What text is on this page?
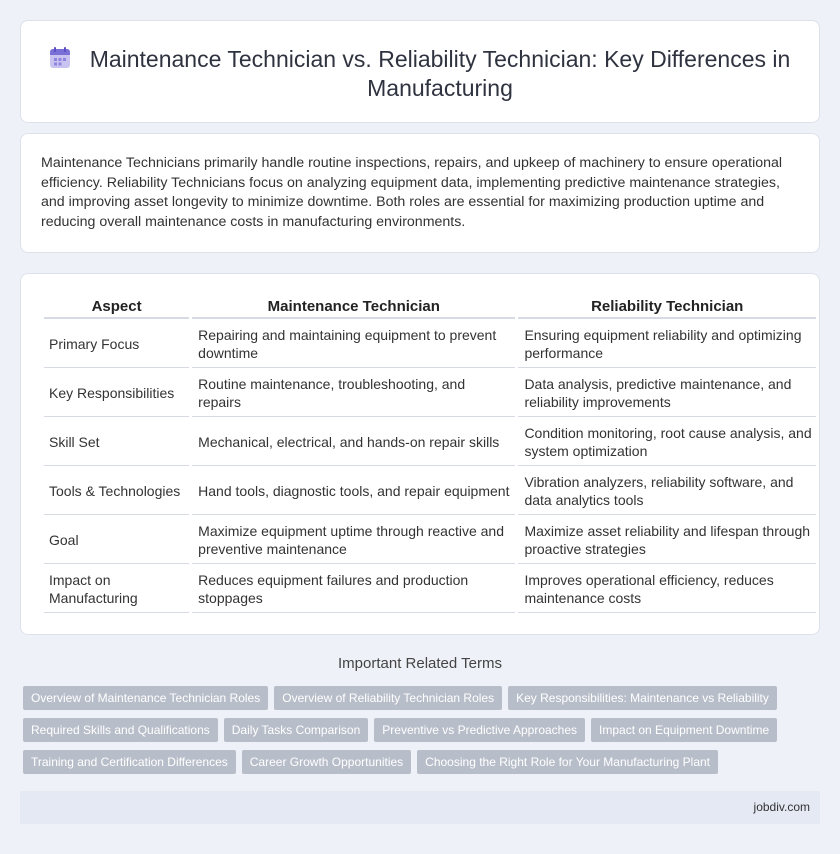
Maintenance Technician vs. Reliability Technician: Key Differences in Manufacturing

Maintenance Technicians primarily handle routine inspections, repairs, and upkeep of machinery to ensure operational efficiency. Reliability Technicians focus on analyzing equipment data, implementing predictive maintenance strategies, and improving asset longevity to minimize downtime. Both roles are essential for maximizing production uptime and reducing overall maintenance costs in manufacturing environments.

Aspect	Maintenance Technician	Reliability Technician
Primary Focus	Repairing and maintaining equipment to prevent downtime	Ensuring equipment reliability and optimizing performance
Key Responsibilities	Routine maintenance, troubleshooting, and repairs	Data analysis, predictive maintenance, and reliability improvements
Skill Set	Mechanical, electrical, and hands-on repair skills	Condition monitoring, root cause analysis, and system optimization
Tools & Technologies	Hand tools, diagnostic tools, and repair equipment	Vibration analyzers, reliability software, and data analytics tools
Goal	Maximize equipment uptime through reactive and preventive maintenance	Maximize asset reliability and lifespan through proactive strategies
Impact on Manufacturing	Reduces equipment failures and production stoppages	Improves operational efficiency, reduces maintenance costs
Important Related Terms
Overview of Maintenance Technician Roles	Overview of Reliability Technician Roles	Key Responsibilities: Maintenance vs Reliability
Required Skills and Qualifications	Daily Tasks Comparison	Preventive vs Predictive Approaches	Impact on Equipment Downtime
Training and Certification Differences	Career Growth Opportunities	Choosing the Right Role for Your Manufacturing Plant
jobdiv.com
